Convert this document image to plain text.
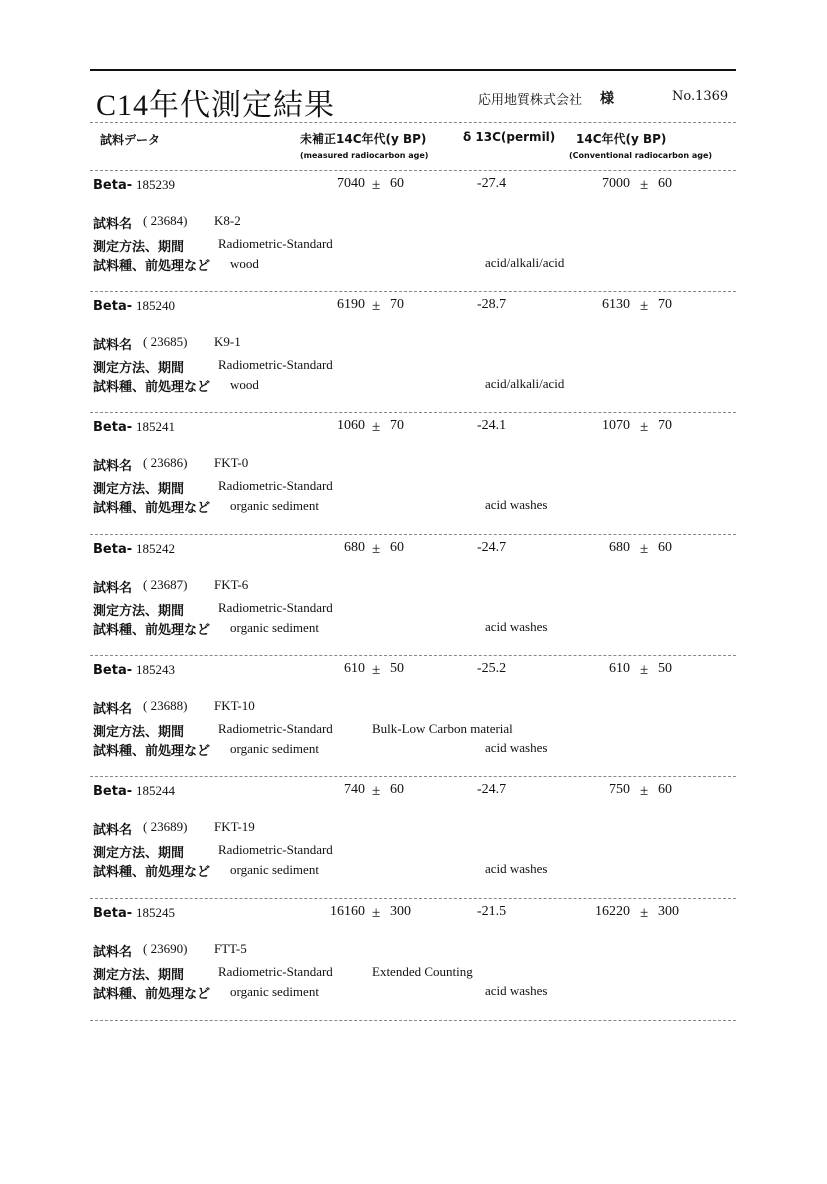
C14年代測定結果	応用地質株式会社 様	No.1369
試料データ	未補正14C年代(y BP)
(measured radiocarbon age)
δ 13C(permil) 14C年代(y BP)
(Conventional radiocarbon age)
Beta- 185239	7040 ± 60	-27.4	7000 ± 60
試料名 ( 23684) K8-2
測定方法、期間	Radiometric-Standard
試料種、前処理など wood	acid/alkali/acid
Beta- 185240	6190 ± 70	-28.7	6130 ± 70
試料名 ( 23685) K9-1
測定方法、期間	Radiometric-Standard
試料種、前処理など wood	acid/alkali/acid
Beta- 185241	1060 ± 70	-24.1	1070 ± 70
試料名 ( 23686) FKT-0
測定方法、期間	Radiometric-Standard
試料種、前処理など organic sediment	acid washes
Beta- 185242	680 ± 60	-24.7	680 ± 60
試料名 ( 23687) FKT-6
測定方法、期間	Radiometric-Standard
試料種、前処理など organic sediment	acid washes
Beta- 185243	610 ± 50	-25.2	610 ± 50
試料名 ( 23688) FKT-10
測定方法、期間	Radiometric-Standard	Bulk-Low Carbon material
試料種、前処理など organic sediment	acid washes
Beta- 185244	740 ± 60	-24.7	750 ± 60
試料名 ( 23689) FKT-19
測定方法、期間	Radiometric-Standard
試料種、前処理など organic sediment	acid washes
Beta- 185245	16160 ± 300	-21.5	16220 ± 300
試料名 ( 23690) FTT-5
測定方法、期間	Radiometric-Standard	Extended Counting
試料種、前処理など organic sediment	acid washes
